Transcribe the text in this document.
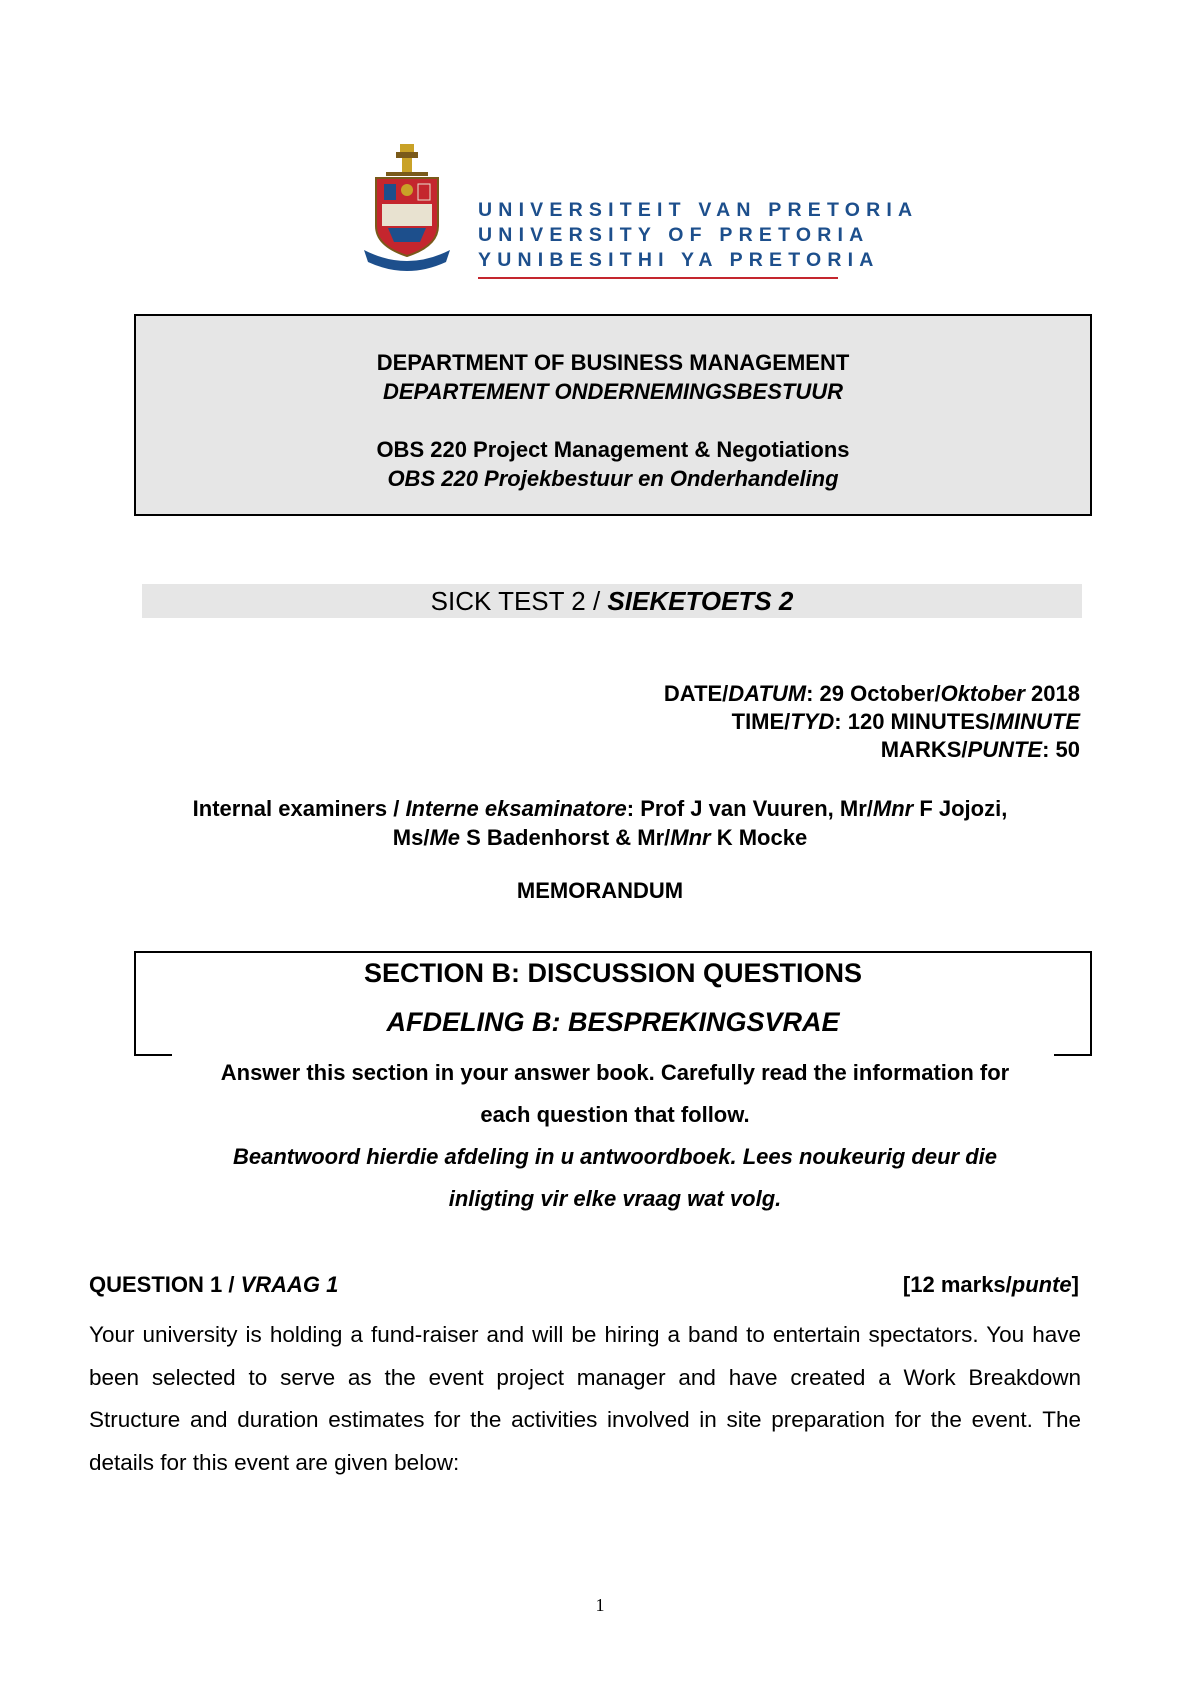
UNIVERSITEIT VAN PRETORIA
UNIVERSITY OF PRETORIA
YUNIBESITHI YA PRETORIA
DEPARTMENT OF BUSINESS MANAGEMENT
DEPARTEMENT ONDERNEMINGSBESTUUR
OBS 220 Project Management & Negotiations
OBS 220 Projekbestuur en Onderhandeling
SICK TEST 2 / SIEKETOETS 2
DATE/DATUM: 29 October/Oktober 2018
TIME/TYD: 120 MINUTES/MINUTE
MARKS/PUNTE: 50
Internal examiners / Interne eksaminatore: Prof J van Vuuren, Mr/Mnr F Jojozi,
Ms/Me S Badenhorst & Mr/Mnr K Mocke
MEMORANDUM
SECTION B: DISCUSSION QUESTIONS
AFDELING B: BESPREKINGSVRAE
Answer this section in your answer book. Carefully read the information for
each question that follow.
Beantwoord hierdie afdeling in u antwoordboek. Lees noukeurig deur die
inligting vir elke vraag wat volg.
QUESTION 1 / VRAAG 1	[12 marks/punte]
Your university is holding a fund-raiser and will be hiring a band to entertain spectators. You have been selected to serve as the event project manager and have created a Work Breakdown Structure and duration estimates for the activities involved in site preparation for the event. The details for this event are given below:
1
